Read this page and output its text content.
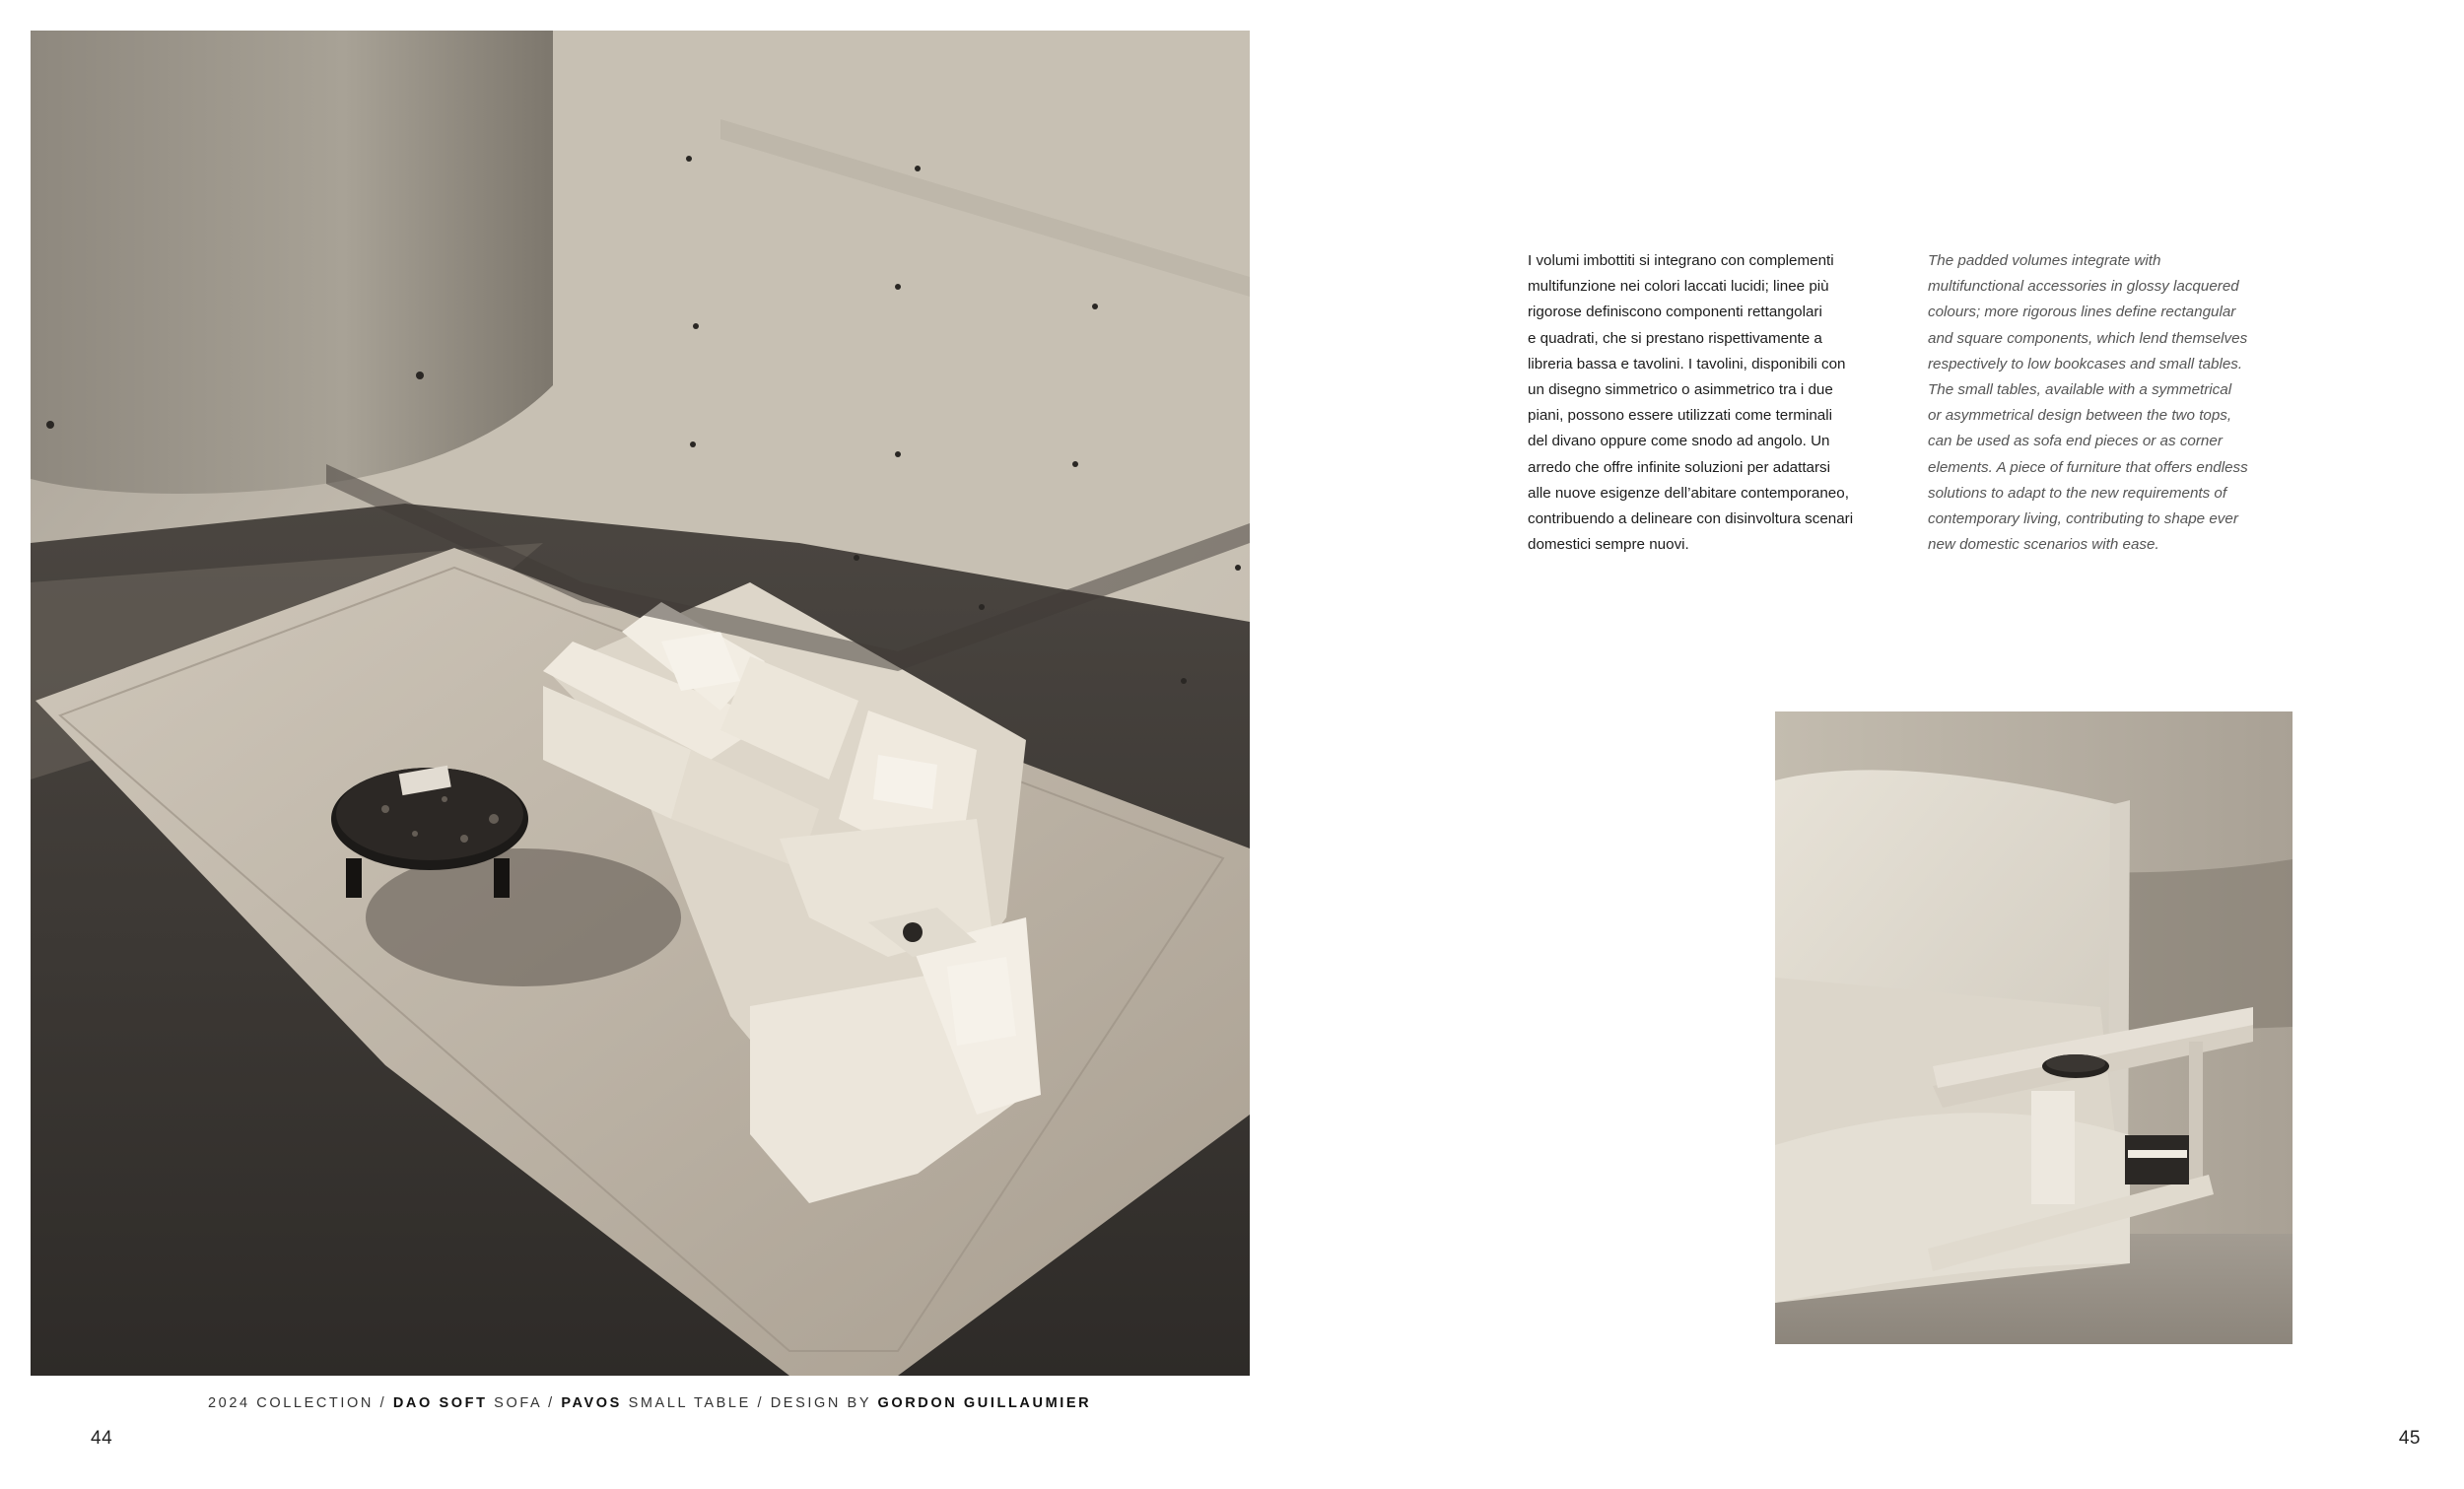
2024 COLLECTION / DAO SOFT SOFA / PAVOS SMALL TABLE / DESIGN BY GORDON GUILLAUMIER
44
I volumi imbottiti si integrano con complementi
multifunzione nei colori laccati lucidi; linee più
rigorose definiscono componenti rettangolari
e quadrati, che si prestano rispettivamente a
libreria bassa e tavolini. I tavolini, disponibili con
un disegno simmetrico o asimmetrico tra i due
piani, possono essere utilizzati come terminali
del divano oppure come snodo ad angolo. Un
arredo che offre infinite soluzioni per adattarsi
alle nuove esigenze dell’abitare contemporaneo,
contribuendo a delineare con disinvoltura scenari
domestici sempre nuovi.
The padded volumes integrate with
multifunctional accessories in glossy lacquered
colours; more rigorous lines define rectangular
and square components, which lend themselves
respectively to low bookcases and small tables.
The small tables, available with a symmetrical
or asymmetrical design between the two tops,
can be used as sofa end pieces or as corner
elements. A piece of furniture that offers endless
solutions to adapt to the new requirements of
contemporary living, contributing to shape ever
new domestic scenarios with ease.
45
